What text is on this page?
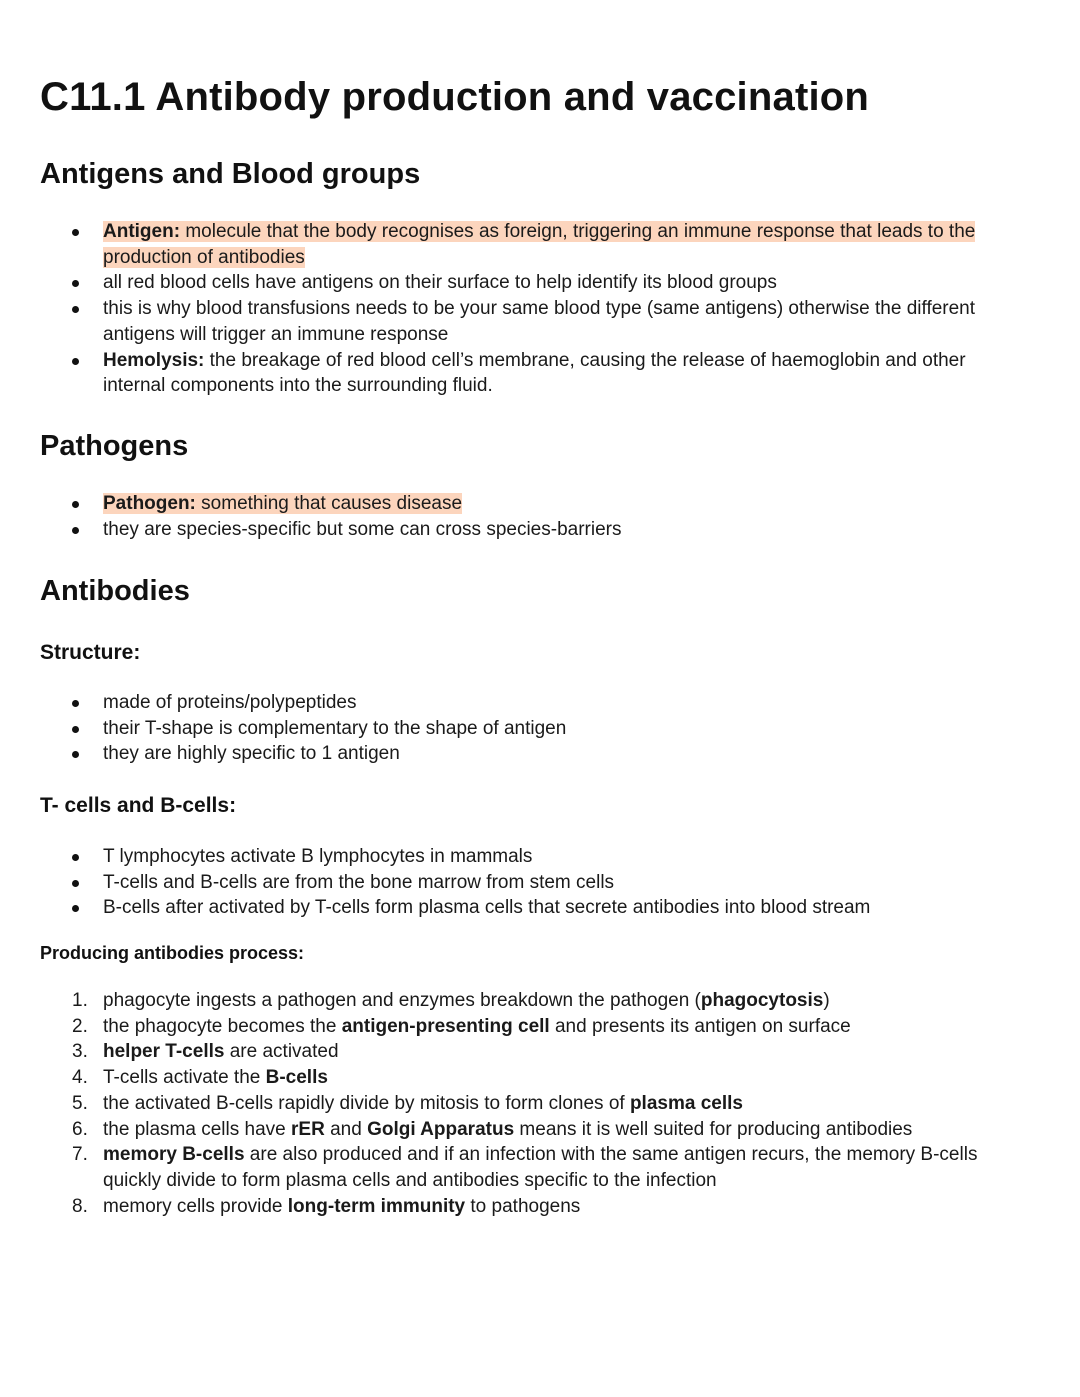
C11.1 Antibody production and vaccination
Antigens and Blood groups
Antigen: molecule that the body recognises as foreign, triggering an immune response that leads to the production of antibodies
all red blood cells have antigens on their surface to help identify its blood groups
this is why blood transfusions needs to be your same blood type (same antigens) otherwise the different antigens will trigger an immune response
Hemolysis: the breakage of red blood cell’s membrane, causing the release of haemoglobin and other internal components into the surrounding fluid.
Pathogens
Pathogen: something that causes disease
they are species-specific but some can cross species-barriers
Antibodies
Structure:
made of proteins/polypeptides
their T-shape is complementary to the shape of antigen
they are highly specific to 1 antigen
T- cells and B-cells:
T lymphocytes activate B lymphocytes in mammals
T-cells and B-cells are from the bone marrow from stem cells
B-cells after activated by T-cells form plasma cells that secrete antibodies into blood stream
Producing antibodies process:
1. phagocyte ingests a pathogen and enzymes breakdown the pathogen (phagocytosis)
2. the phagocyte becomes the antigen-presenting cell and presents its antigen on surface
3. helper T-cells are activated
4. T-cells activate the B-cells
5. the activated B-cells rapidly divide by mitosis to form clones of plasma cells
6. the plasma cells have rER and Golgi Apparatus means it is well suited for producing antibodies
7. memory B-cells are also produced and if an infection with the same antigen recurs, the memory B-cells quickly divide to form plasma cells and antibodies specific to the infection
8. memory cells provide long-term immunity to pathogens
